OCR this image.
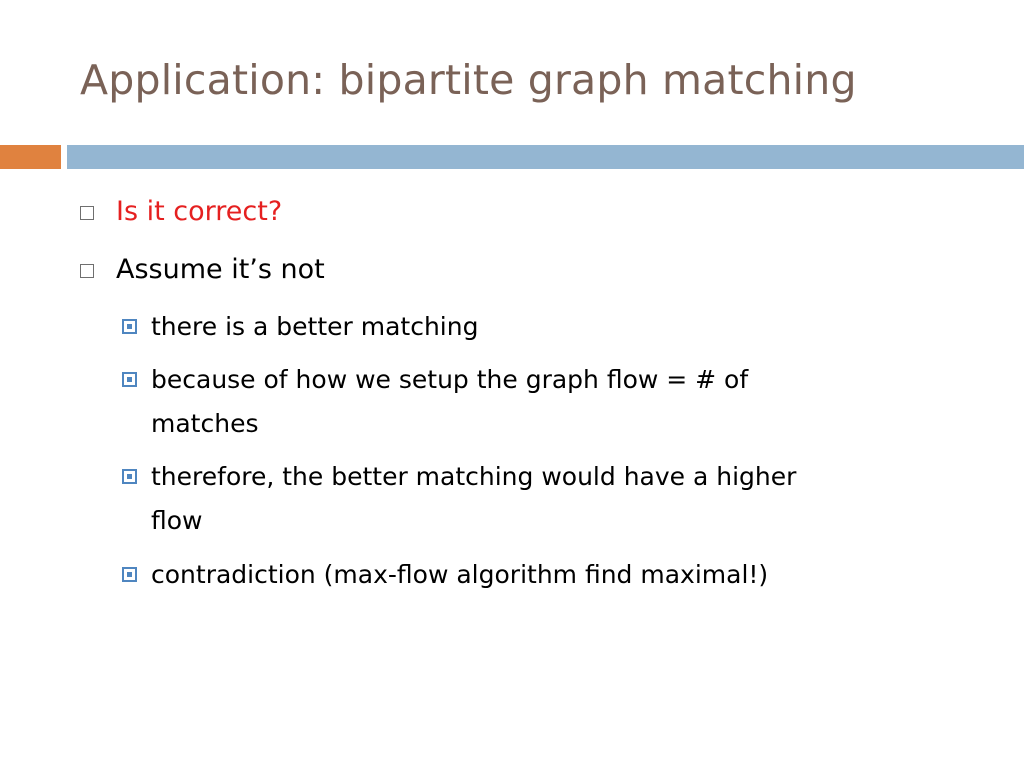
Application: bipartite graph matching
Is it correct?
Assume it’s not
there is a better matching
because of how we setup the graph flow = # of
matches
therefore, the better matching would have a higher
flow
contradiction (max-flow algorithm find maximal!)
